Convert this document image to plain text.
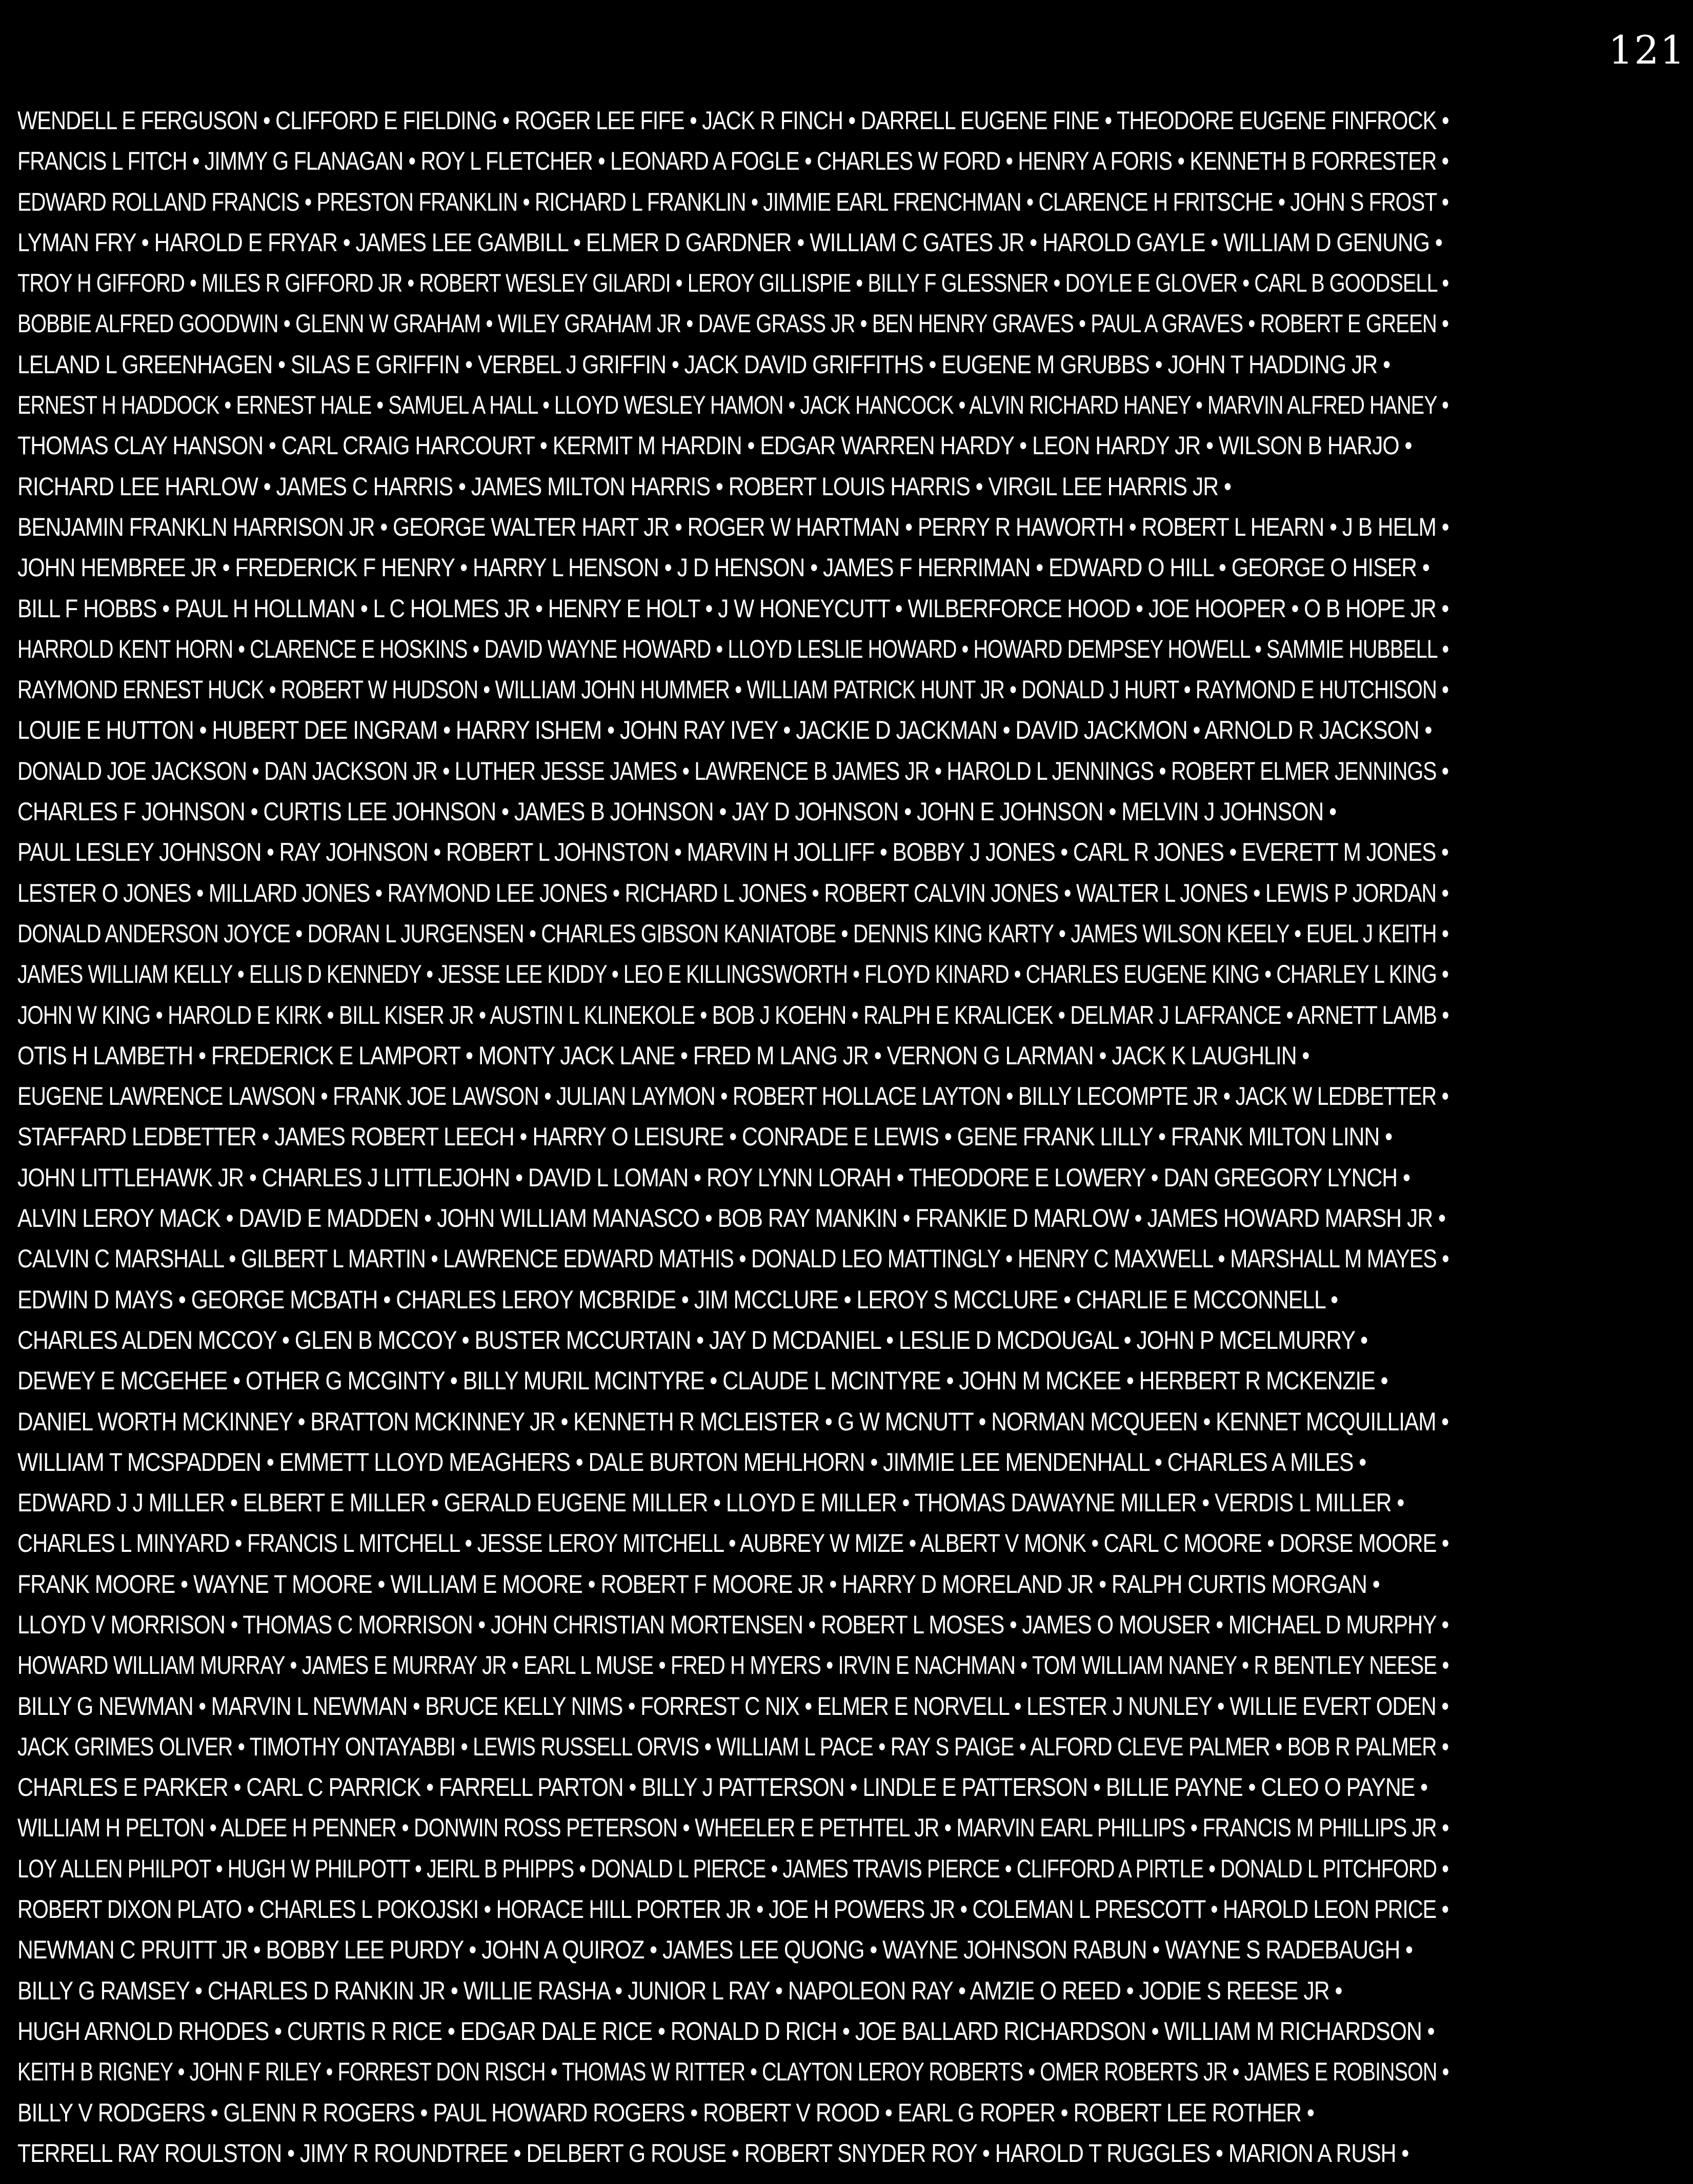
121
WENDELL E FERGUSON • CLIFFORD E FIELDING • ROGER LEE FIFE • JACK R FINCH • DARRELL EUGENE FINE • THEODORE EUGENE FINFROCK •
FRANCIS L FITCH • JIMMY G FLANAGAN • ROY L FLETCHER • LEONARD A FOGLE • CHARLES W FORD • HENRY A FORIS • KENNETH B FORRESTER •
EDWARD ROLLAND FRANCIS • PRESTON FRANKLIN • RICHARD L FRANKLIN • JIMMIE EARL FRENCHMAN • CLARENCE H FRITSCHE • JOHN S FROST •
LYMAN FRY • HAROLD E FRYAR • JAMES LEE GAMBILL • ELMER D GARDNER • WILLIAM C GATES JR • HAROLD GAYLE • WILLIAM D GENUNG •
TROY H GIFFORD • MILES R GIFFORD JR • ROBERT WESLEY GILARDI • LEROY GILLISPIE • BILLY F GLESSNER • DOYLE E GLOVER • CARL B GOODSELL •
BOBBIE ALFRED GOODWIN • GLENN W GRAHAM • WILEY GRAHAM JR • DAVE GRASS JR • BEN HENRY GRAVES • PAUL A GRAVES • ROBERT E GREEN •
LELAND L GREENHAGEN • SILAS E GRIFFIN • VERBEL J GRIFFIN • JACK DAVID GRIFFITHS • EUGENE M GRUBBS • JOHN T HADDING JR •
ERNEST H HADDOCK • ERNEST HALE • SAMUEL A HALL • LLOYD WESLEY HAMON • JACK HANCOCK • ALVIN RICHARD HANEY • MARVIN ALFRED HANEY •
THOMAS CLAY HANSON • CARL CRAIG HARCOURT • KERMIT M HARDIN • EDGAR WARREN HARDY • LEON HARDY JR • WILSON B HARJO •
RICHARD LEE HARLOW • JAMES C HARRIS • JAMES MILTON HARRIS • ROBERT LOUIS HARRIS • VIRGIL LEE HARRIS JR •
BENJAMIN FRANKLN HARRISON JR • GEORGE WALTER HART JR • ROGER W HARTMAN • PERRY R HAWORTH • ROBERT L HEARN • J B HELM •
JOHN HEMBREE JR • FREDERICK F HENRY • HARRY L HENSON • J D HENSON • JAMES F HERRIMAN • EDWARD O HILL • GEORGE O HISER •
BILL F HOBBS • PAUL H HOLLMAN • L C HOLMES JR • HENRY E HOLT • J W HONEYCUTT • WILBERFORCE HOOD • JOE HOOPER • O B HOPE JR •
HARROLD KENT HORN • CLARENCE E HOSKINS • DAVID WAYNE HOWARD • LLOYD LESLIE HOWARD • HOWARD DEMPSEY HOWELL • SAMMIE HUBBELL •
RAYMOND ERNEST HUCK • ROBERT W HUDSON • WILLIAM JOHN HUMMER • WILLIAM PATRICK HUNT JR • DONALD J HURT • RAYMOND E HUTCHISON •
LOUIE E HUTTON • HUBERT DEE INGRAM • HARRY ISHEM • JOHN RAY IVEY • JACKIE D JACKMAN • DAVID JACKMON • ARNOLD R JACKSON •
DONALD JOE JACKSON • DAN JACKSON JR • LUTHER JESSE JAMES • LAWRENCE B JAMES JR • HAROLD L JENNINGS • ROBERT ELMER JENNINGS •
CHARLES F JOHNSON • CURTIS LEE JOHNSON • JAMES B JOHNSON • JAY D JOHNSON • JOHN E JOHNSON • MELVIN J JOHNSON •
PAUL LESLEY JOHNSON • RAY JOHNSON • ROBERT L JOHNSTON • MARVIN H JOLLIFF • BOBBY J JONES • CARL R JONES • EVERETT M JONES •
LESTER O JONES • MILLARD JONES • RAYMOND LEE JONES • RICHARD L JONES • ROBERT CALVIN JONES • WALTER L JONES • LEWIS P JORDAN •
DONALD ANDERSON JOYCE • DORAN L JURGENSEN • CHARLES GIBSON KANIATOBE • DENNIS KING KARTY • JAMES WILSON KEELY • EUEL J KEITH •
JAMES WILLIAM KELLY • ELLIS D KENNEDY • JESSE LEE KIDDY • LEO E KILLINGSWORTH • FLOYD KINARD • CHARLES EUGENE KING • CHARLEY L KING •
JOHN W KING • HAROLD E KIRK • BILL KISER JR • AUSTIN L KLINEKOLE • BOB J KOEHN • RALPH E KRALICEK • DELMAR J LAFRANCE • ARNETT LAMB •
OTIS H LAMBETH • FREDERICK E LAMPORT • MONTY JACK LANE • FRED M LANG JR • VERNON G LARMAN • JACK K LAUGHLIN •
EUGENE LAWRENCE LAWSON • FRANK JOE LAWSON • JULIAN LAYMON • ROBERT HOLLACE LAYTON • BILLY LECOMPTE JR • JACK W LEDBETTER •
STAFFARD LEDBETTER • JAMES ROBERT LEECH • HARRY O LEISURE • CONRADE E LEWIS • GENE FRANK LILLY • FRANK MILTON LINN •
JOHN LITTLEHAWK JR • CHARLES J LITTLEJOHN • DAVID L LOMAN • ROY LYNN LORAH • THEODORE E LOWERY • DAN GREGORY LYNCH •
ALVIN LEROY MACK • DAVID E MADDEN • JOHN WILLIAM MANASCO • BOB RAY MANKIN • FRANKIE D MARLOW • JAMES HOWARD MARSH JR •
CALVIN C MARSHALL • GILBERT L MARTIN • LAWRENCE EDWARD MATHIS • DONALD LEO MATTINGLY • HENRY C MAXWELL • MARSHALL M MAYES •
EDWIN D MAYS • GEORGE MCBATH • CHARLES LEROY MCBRIDE • JIM MCCLURE • LEROY S MCCLURE • CHARLIE E MCCONNELL •
CHARLES ALDEN MCCOY • GLEN B MCCOY • BUSTER MCCURTAIN • JAY D MCDANIEL • LESLIE D MCDOUGAL • JOHN P MCELMURRY •
DEWEY E MCGEHEE • OTHER G MCGINTY • BILLY MURIL MCINTYRE • CLAUDE L MCINTYRE • JOHN M MCKEE • HERBERT R MCKENZIE •
DANIEL WORTH MCKINNEY • BRATTON MCKINNEY JR • KENNETH R MCLEISTER • G W MCNUTT • NORMAN MCQUEEN • KENNET MCQUILLIAM •
WILLIAM T MCSPADDEN • EMMETT LLOYD MEAGHERS • DALE BURTON MEHLHORN • JIMMIE LEE MENDENHALL • CHARLES A MILES •
EDWARD J J MILLER • ELBERT E MILLER • GERALD EUGENE MILLER • LLOYD E MILLER • THOMAS DAWAYNE MILLER • VERDIS L MILLER •
CHARLES L MINYARD • FRANCIS L MITCHELL • JESSE LEROY MITCHELL • AUBREY W MIZE • ALBERT V MONK • CARL C MOORE • DORSE MOORE •
FRANK MOORE • WAYNE T MOORE • WILLIAM E MOORE • ROBERT F MOORE JR • HARRY D MORELAND JR • RALPH CURTIS MORGAN •
LLOYD V MORRISON • THOMAS C MORRISON • JOHN CHRISTIAN MORTENSEN • ROBERT L MOSES • JAMES O MOUSER • MICHAEL D MURPHY •
HOWARD WILLIAM MURRAY • JAMES E MURRAY JR • EARL L MUSE • FRED H MYERS • IRVIN E NACHMAN • TOM WILLIAM NANEY • R BENTLEY NEESE •
BILLY G NEWMAN • MARVIN L NEWMAN • BRUCE KELLY NIMS • FORREST C NIX • ELMER E NORVELL • LESTER J NUNLEY • WILLIE EVERT ODEN •
JACK GRIMES OLIVER • TIMOTHY ONTAYABBI • LEWIS RUSSELL ORVIS • WILLIAM L PACE • RAY S PAIGE • ALFORD CLEVE PALMER • BOB R PALMER •
CHARLES E PARKER • CARL C PARRICK • FARRELL PARTON • BILLY J PATTERSON • LINDLE E PATTERSON • BILLIE PAYNE • CLEO O PAYNE •
WILLIAM H PELTON • ALDEE H PENNER • DONWIN ROSS PETERSON • WHEELER E PETHTEL JR • MARVIN EARL PHILLIPS • FRANCIS M PHILLIPS JR •
LOY ALLEN PHILPOT • HUGH W PHILPOTT • JEIRL B PHIPPS • DONALD L PIERCE • JAMES TRAVIS PIERCE • CLIFFORD A PIRTLE • DONALD L PITCHFORD •
ROBERT DIXON PLATO • CHARLES L POKOJSKI • HORACE HILL PORTER JR • JOE H POWERS JR • COLEMAN L PRESCOTT • HAROLD LEON PRICE •
NEWMAN C PRUITT JR • BOBBY LEE PURDY • JOHN A QUIROZ • JAMES LEE QUONG • WAYNE JOHNSON RABUN • WAYNE S RADEBAUGH •
BILLY G RAMSEY • CHARLES D RANKIN JR • WILLIE RASHA • JUNIOR L RAY • NAPOLEON RAY • AMZIE O REED • JODIE S REESE JR •
HUGH ARNOLD RHODES • CURTIS R RICE • EDGAR DALE RICE • RONALD D RICH • JOE BALLARD RICHARDSON • WILLIAM M RICHARDSON •
KEITH B RIGNEY • JOHN F RILEY • FORREST DON RISCH • THOMAS W RITTER • CLAYTON LEROY ROBERTS • OMER ROBERTS JR • JAMES E ROBINSON •
BILLY V RODGERS • GLENN R ROGERS • PAUL HOWARD ROGERS • ROBERT V ROOD • EARL G ROPER • ROBERT LEE ROTHER •
TERRELL RAY ROULSTON • JIMY R ROUNDTREE • DELBERT G ROUSE • ROBERT SNYDER ROY • HAROLD T RUGGLES • MARION A RUSH •
